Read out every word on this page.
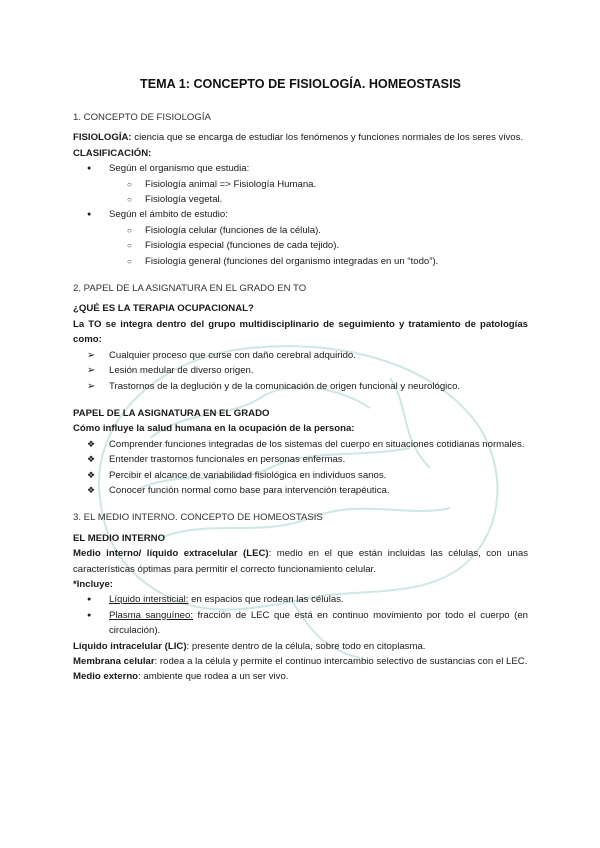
TEMA 1: CONCEPTO DE FISIOLOGÍA. HOMEOSTASIS
1. CONCEPTO DE FISIOLOGÍA

FISIOLOGÍA: ciencia que se encarga de estudiar los fenómenos y funciones normales de los seres vivos.

CLASIFICACIÓN:

● Según el organismo que estudia:
○ Fisiología animal => Fisiología Humana.
○ Fisiología vegetal.
● Según el ámbito de estudio:
○ Fisiología celular (funciones de la célula).
○ Fisiología especial (funciones de cada tejido).
○ Fisiología general (funciones del organismo integradas en un “todo”).
2. PAPEL DE LA ASIGNATURA EN EL GRADO EN TO

¿QUÉ ES LA TERAPIA OCUPACIONAL?

La TO se integra dentro del grupo multidisciplinario de seguimiento y tratamiento de patologías como:

➢ Cualquier proceso que curse con daño cerebral adquirido.
➢ Lesión medular de diverso origen.
➢ Trastornos de la deglución y de la comunicación de origen funcional y neurológico.

PAPEL DE LA ASIGNATURA EN EL GRADO

Cómo influye la salud humana en la ocupación de la persona:

❖ Comprender funciones integradas de los sistemas del cuerpo en situaciones cotidianas normales.
❖ Entender trastornos funcionales en personas enfermas.
❖ Percibir el alcance de variabilidad fisiológica en individuos sanos.
❖ Conocer función normal como base para intervención terapéutica.
3. EL MEDIO INTERNO. CONCEPTO DE HOMEOSTASIS

EL MEDIO INTERNO

Medio interno/ líquido extracelular (LEC): medio en el que están incluidas las células, con unas características óptimas para permitir el correcto funcionamiento celular.

*Incluye:

● Líquido intersticial: en espacios que rodean las células.
● Plasma sanguíneo: fracción de LEC que está en continuo movimiento por todo el cuerpo (en circulación).

Líquido intracelular (LIC): presente dentro de la célula, sobre todo en citoplasma.

Membrana celular: rodea a la célula y permite el continuo intercambio selectivo de sustancias con el LEC.

Medio externo: ambiente que rodea a un ser vivo.
